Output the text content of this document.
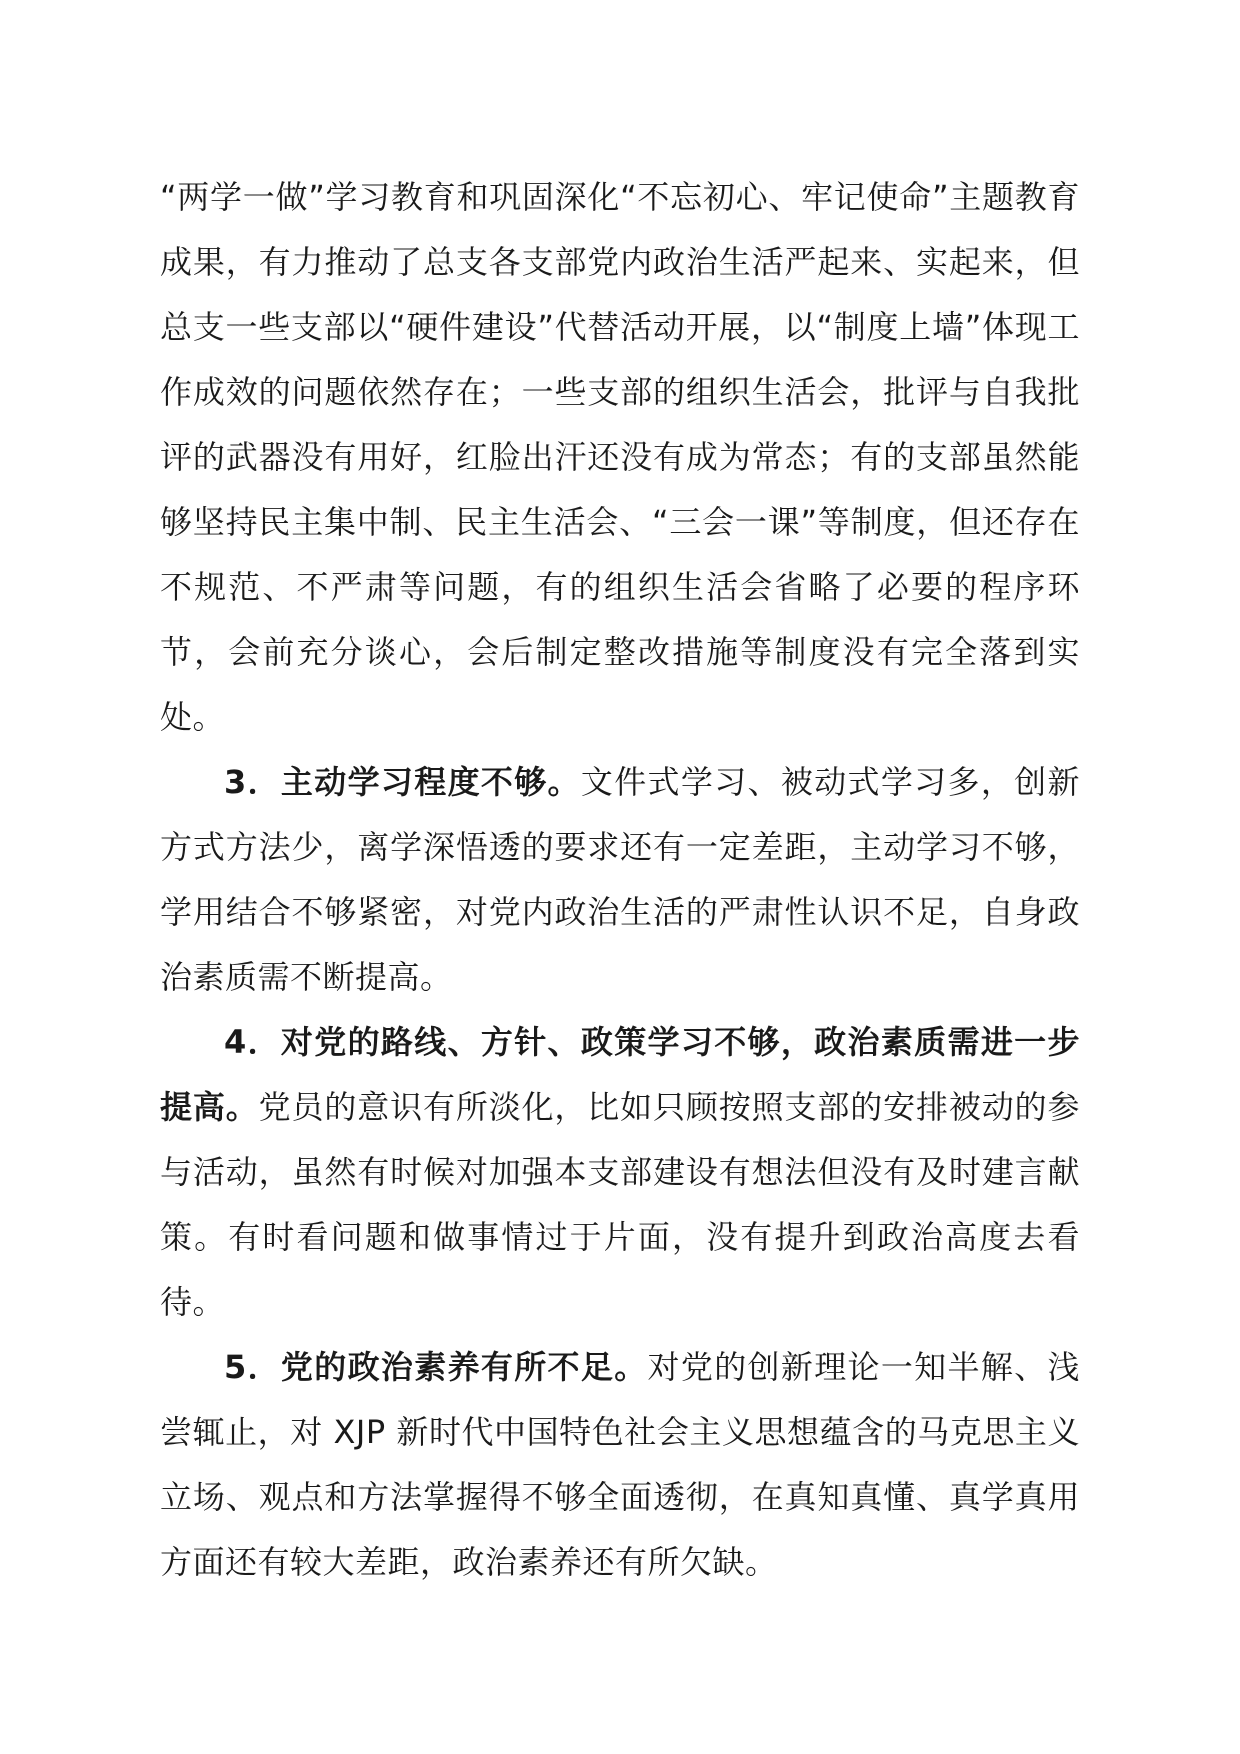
“两学一做”学习教育和巩固深化“不忘初心、牢记使命”主题教育成果，有力推动了总支各支部党内政治生活严起来、实起来，但总支一些支部以“硬件建设”代替活动开展，以“制度上墙”体现工作成效的问题依然存在；一些支部的组织生活会，批评与自我批评的武器没有用好，红脸出汗还没有成为常态；有的支部虽然能够坚持民主集中制、民主生活会、“三会一课”等制度，但还存在不规范、不严肃等问题，有的组织生活会省略了必要的程序环节，会前充分谈心，会后制定整改措施等制度没有完全落到实处。

3．主动学习程度不够。文件式学习、被动式学习多，创新方式方法少，离学深悟透的要求还有一定差距，主动学习不够，学用结合不够紧密，对党内政治生活的严肃性认识不足，自身政治素质需不断提高。

4．对党的路线、方针、政策学习不够，政治素质需进一步提高。党员的意识有所淡化，比如只顾按照支部的安排被动的参与活动，虽然有时候对加强本支部建设有想法但没有及时建言献策。有时看问题和做事情过于片面，没有提升到政治高度去看待。

5．党的政治素养有所不足。对党的创新理论一知半解、浅尝辄止，对 XJP 新时代中国特色社会主义思想蕴含的马克思主义立场、观点和方法掌握得不够全面透彻，在真知真懂、真学真用方面还有较大差距，政治素养还有所欠缺。
